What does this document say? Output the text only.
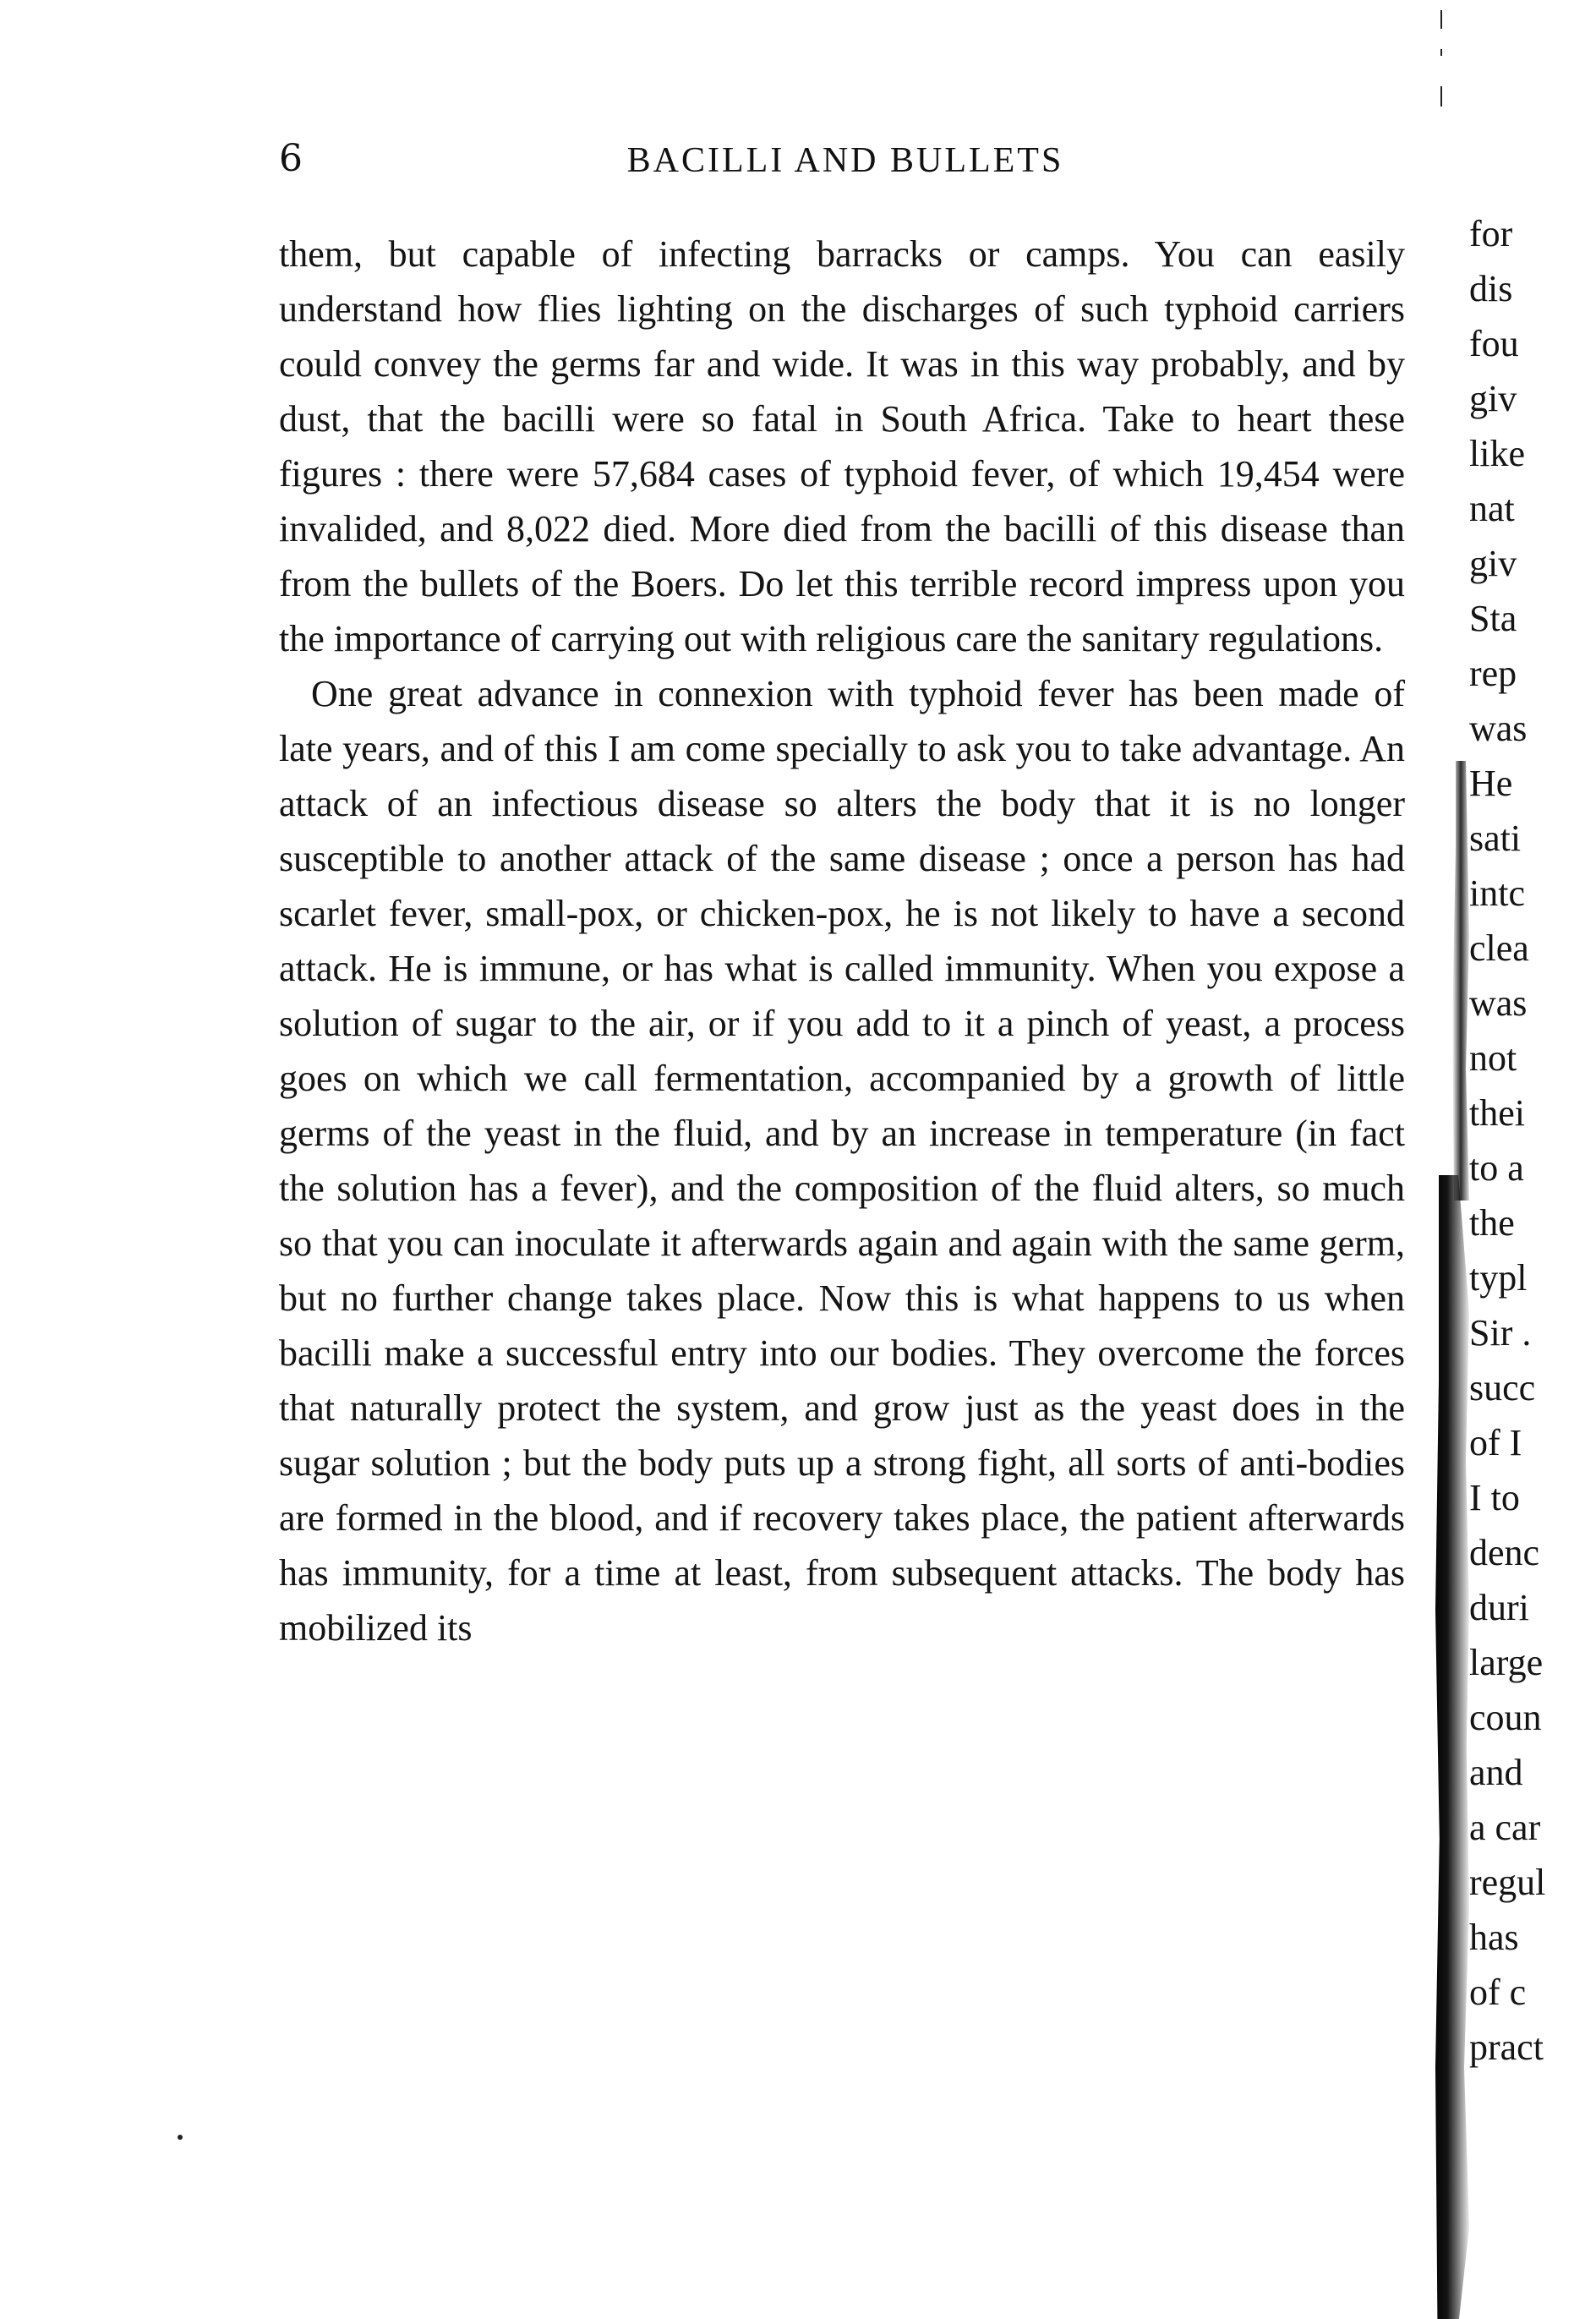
6	BACILLI AND BULLETS

them, but capable of infecting barracks or camps. You can easily understand how flies lighting on the discharges of such typhoid carriers could convey the germs far and wide. It was in this way probably, and by dust, that the bacilli were so fatal in South Africa. Take to heart these figures : there were 57,684 cases of typhoid fever, of which 19,454 were invalided, and 8,022 died. More died from the bacilli of this disease than from the bullets of the Boers. Do let this terrible record impress upon you the importance of carrying out with religious care the sanitary regulations.

One great advance in connexion with typhoid fever has been made of late years, and of this I am come specially to ask you to take advantage. An attack of an infectious disease so alters the body that it is no longer susceptible to another attack of the same disease ; once a person has had scarlet fever, small-pox, or chicken-pox, he is not likely to have a second attack. He is immune, or has what is called immunity. When you expose a solution of sugar to the air, or if you add to it a pinch of yeast, a process goes on which we call fermentation, accompanied by a growth of little germs of the yeast in the fluid, and by an increase in temperature (in fact the solution has a fever), and the composition of the fluid alters, so much so that you can inoculate it afterwards again and again with the same germ, but no further change takes place. Now this is what happens to us when bacilli make a successful entry into our bodies. They overcome the forces that naturally protect the system, and grow just as the yeast does in the sugar solution ; but the body puts up a strong fight, all sorts of anti-bodies are formed in the blood, and if recovery takes place, the patient afterwards has immunity, for a time at least, from subsequent attacks. The body has mobilized its

for
dis
fou
giv
like
nat
giv
Sta
rep
was
He
sati
intc
clea
was
not
thei
to a
the
typl
Sir .
succ
of I
I to
denc
duri
large
coun
and
a car
regul
has
of c
pract
